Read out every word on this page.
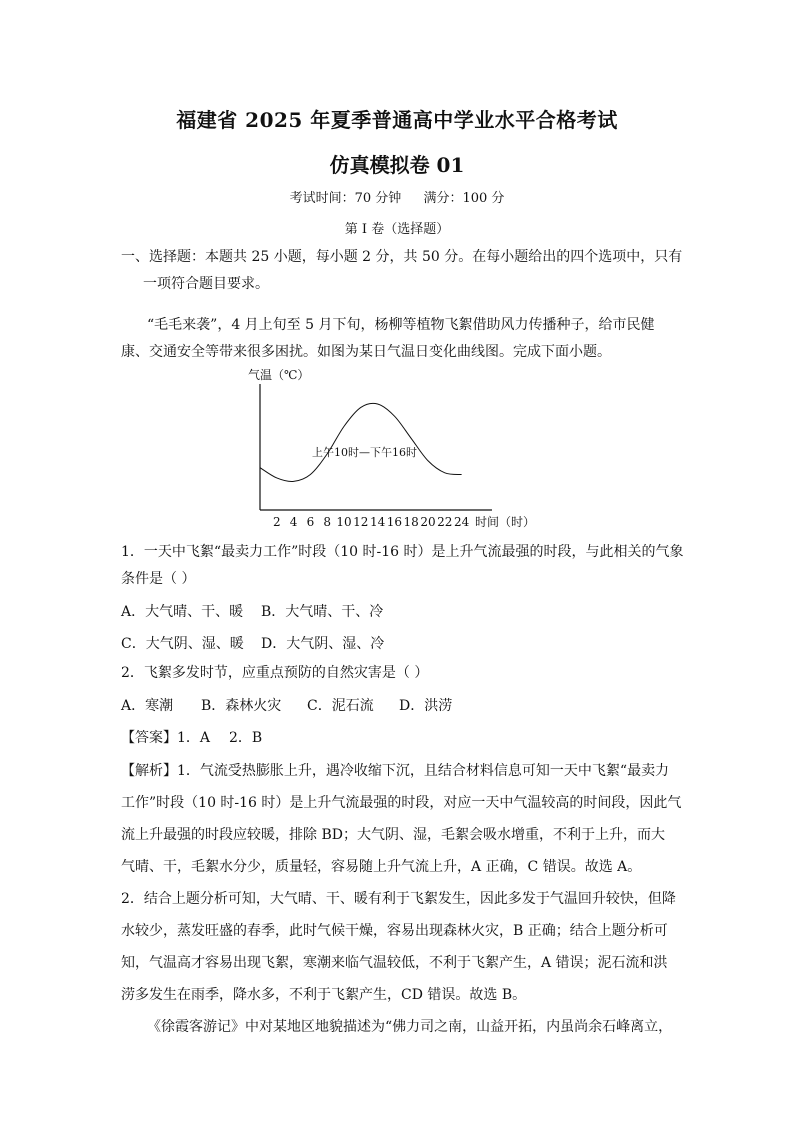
福建省 2025 年夏季普通高中学业水平合格考试
仿真模拟卷 01
考试时间：70 分钟 满分：100 分
第 I 卷（选择题）
一、选择题：本题共 25 小题，每小题 2 分，共 50 分。在每小题给出的四个选项中，只有
一项符合题目要求。
“毛毛来袭”，4 月上旬至 5 月下旬，杨柳等植物飞絮借助风力传播种子，给市民健
康、交通安全等带来很多困扰。如图为某日气温日变化曲线图。完成下面小题。
气温（℃）
2 4 6 8 10 12 14 16 18 20 22 24 时间（时）
上午10时—下午16时
1．一天中飞絮“最卖力工作”时段（10 时-16 时）是上升气流最强的时段，与此相关的气象
条件是（ ）
A．大气晴、干、暖 B．大气晴、干、冷
C．大气阴、湿、暖 D．大气阴、湿、冷
2．飞絮多发时节，应重点预防的自然灾害是（ ）
A．寒潮 B．森林火灾 C．泥石流 D．洪涝
【答案】1．A 2．B
【解析】1．气流受热膨胀上升，遇冷收缩下沉，且结合材料信息可知一天中飞絮“最卖力
工作”时段（10 时-16 时）是上升气流最强的时段，对应一天中气温较高的时间段，因此气
流上升最强的时段应较暖，排除 BD；大气阴、湿，毛絮会吸水增重，不利于上升，而大
气晴、干，毛絮水分少，质量轻，容易随上升气流上升，A 正确，C 错误。故选 A。
2．结合上题分析可知，大气晴、干、暖有利于飞絮发生，因此多发于气温回升较快，但降
水较少，蒸发旺盛的春季，此时气候干燥，容易出现森林火灾，B 正确；结合上题分析可
知，气温高才容易出现飞絮，寒潮来临气温较低，不利于飞絮产生，A 错误；泥石流和洪
涝多发生在雨季，降水多，不利于飞絮产生，CD 错误。故选 B。
《徐霞客游记》中对某地区地貌描述为“佛力司之南，山益开拓，内虽尚余石峰离立，
